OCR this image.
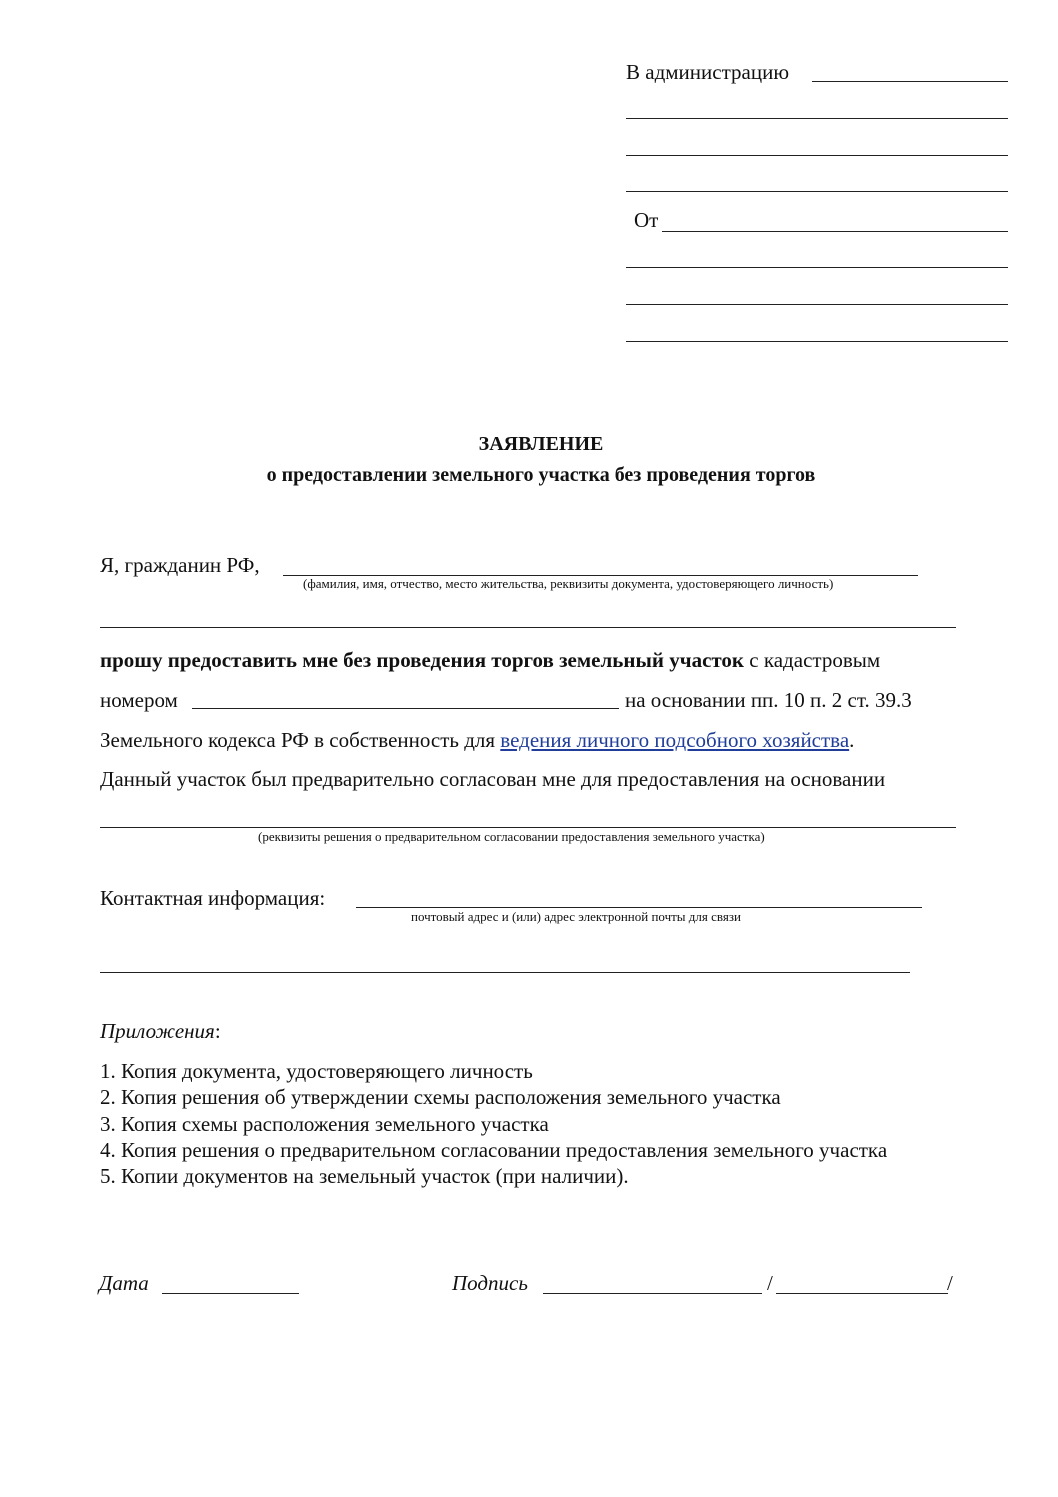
В администрацию
От
ЗАЯВЛЕНИЕ
о предоставлении земельного участка без проведения торгов
Я, гражданин РФ,
(фамилия, имя, отчество, место жительства, реквизиты документа, удостоверяющего личность)
прошу предоставить мне без проведения торгов земельный участок с кадастровым
номером	на основании пп. 10 п. 2 ст. 39.3
Земельного кодекса РФ в собственность для ведения личного подсобного хозяйства.
Данный участок был предварительно согласован мне для предоставления на основании
(реквизиты решения о предварительном согласовании предоставления земельного участка)
Контактная информация:
почтовый адрес и (или) адрес электронной почты для связи
Приложения:
1. Копия документа, удостоверяющего личность
2. Копия решения об утверждении схемы расположения земельного участка
3. Копия схемы расположения земельного участка
4. Копия решения о предварительном согласовании предоставления земельного участка
5. Копии документов на земельный участок (при наличии).
Дата	Подпись	/	/
